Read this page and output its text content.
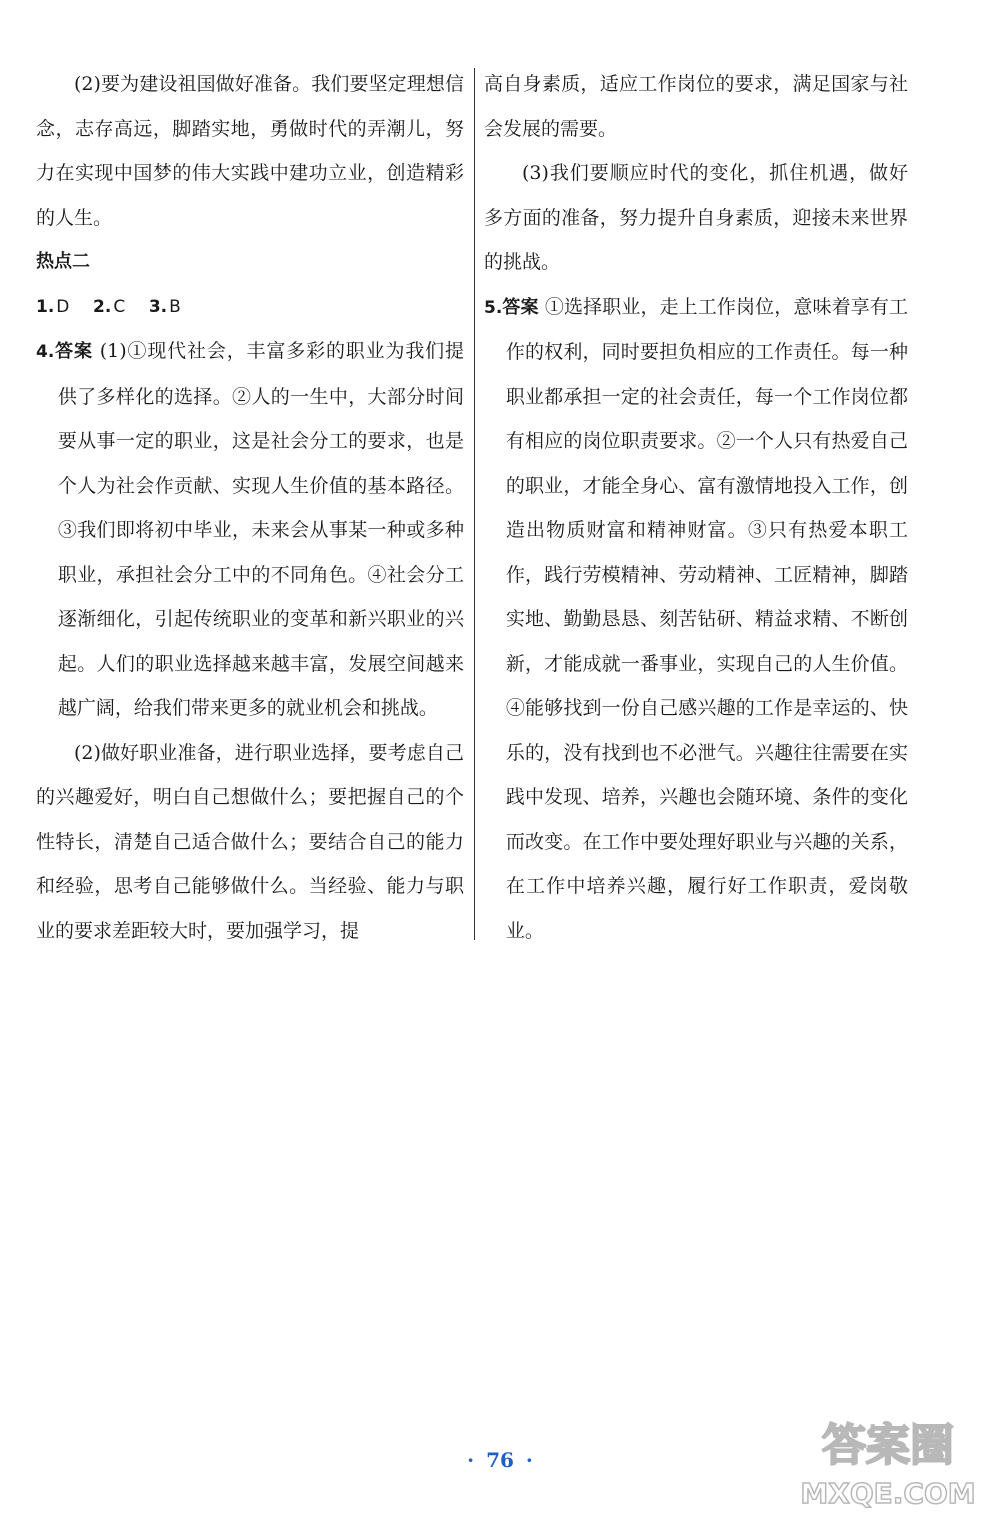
(2)要为建设祖国做好准备。我们要坚定理想信念，志存高远，脚踏实地，勇做时代的弄潮儿，努力在实现中国梦的伟大实践中建功立业，创造精彩的人生。

热点二

1. D 2. C 3. B

4.答案 (1)①现代社会，丰富多彩的职业为我们提供了多样化的选择。②人的一生中，大部分时间要从事一定的职业，这是社会分工的要求，也是个人为社会作贡献、实现人生价值的基本路径。③我们即将初中毕业，未来会从事某一种或多种职业，承担社会分工中的不同角色。④社会分工逐渐细化，引起传统职业的变革和新兴职业的兴起。人们的职业选择越来越丰富，发展空间越来越广阔，给我们带来更多的就业机会和挑战。

(2)做好职业准备，进行职业选择，要考虑自己的兴趣爱好，明白自己想做什么；要把握自己的个性特长，清楚自己适合做什么；要结合自己的能力和经验，思考自己能够做什么。当经验、能力与职业的要求差距较大时，要加强学习，提

高自身素质，适应工作岗位的要求，满足国家与社会发展的需要。

(3)我们要顺应时代的变化，抓住机遇，做好多方面的准备，努力提升自身素质，迎接未来世界的挑战。

5.答案 ①选择职业，走上工作岗位，意味着享有工作的权利，同时要担负相应的工作责任。每一种职业都承担一定的社会责任，每一个工作岗位都有相应的岗位职责要求。②一个人只有热爱自己的职业，才能全身心、富有激情地投入工作，创造出物质财富和精神财富。③只有热爱本职工作，践行劳模精神、劳动精神、工匠精神，脚踏实地、勤勤恳恳、刻苦钻研、精益求精、不断创新，才能成就一番事业，实现自己的人生价值。④能够找到一份自己感兴趣的工作是幸运的、快乐的，没有找到也不必泄气。兴趣往往需要在实践中发现、培养，兴趣也会随环境、条件的变化而改变。在工作中要处理好职业与兴趣的关系，在工作中培养兴趣，履行好工作职责，爱岗敬业。

· 76 ·	答案圈
MXQE.COM
